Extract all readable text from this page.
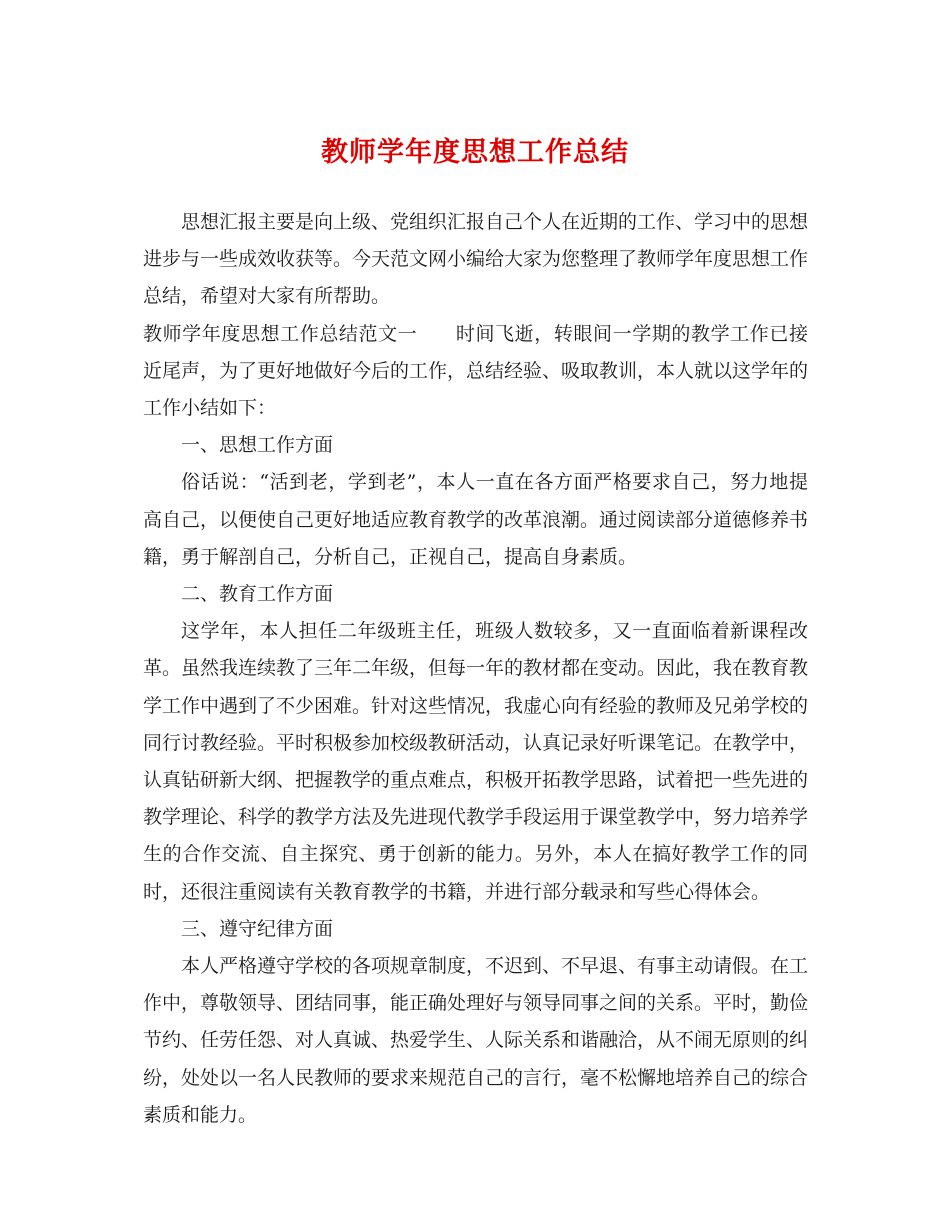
教师学年度思想工作总结

思想汇报主要是向上级、党组织汇报自己个人在近期的工作、学习中的思想进步与一些成效收获等。今天范文网小编给大家为您整理了教师学年度思想工作总结，希望对大家有所帮助。

教师学年度思想工作总结范文一 时间飞逝，转眼间一学期的教学工作已接近尾声，为了更好地做好今后的工作，总结经验、吸取教训，本人就以这学年的工作小结如下：

一、思想工作方面

俗话说：“活到老，学到老”，本人一直在各方面严格要求自己，努力地提高自己，以便使自己更好地适应教育教学的改革浪潮。通过阅读部分道德修养书籍，勇于解剖自己，分析自己，正视自己，提高自身素质。

二、教育工作方面

这学年，本人担任二年级班主任，班级人数较多，又一直面临着新课程改革。虽然我连续教了三年二年级，但每一年的教材都在变动。因此，我在教育教学工作中遇到了不少困难。针对这些情况，我虚心向有经验的教师及兄弟学校的同行讨教经验。平时积极参加校级教研活动，认真记录好听课笔记。在教学中，认真钻研新大纲、把握教学的重点难点，积极开拓教学思路，试着把一些先进的教学理论、科学的教学方法及先进现代教学手段运用于课堂教学中，努力培养学生的合作交流、自主探究、勇于创新的能力。另外，本人在搞好教学工作的同时，还很注重阅读有关教育教学的书籍，并进行部分载录和写些心得体会。

三、遵守纪律方面

本人严格遵守学校的各项规章制度，不迟到、不早退、有事主动请假。在工作中，尊敬领导、团结同事，能正确处理好与领导同事之间的关系。平时，勤俭节约、任劳任怨、对人真诚、热爱学生、人际关系和谐融洽，从不闹无原则的纠纷，处处以一名人民教师的要求来规范自己的言行，毫不松懈地培养自己的综合素质和能力。
